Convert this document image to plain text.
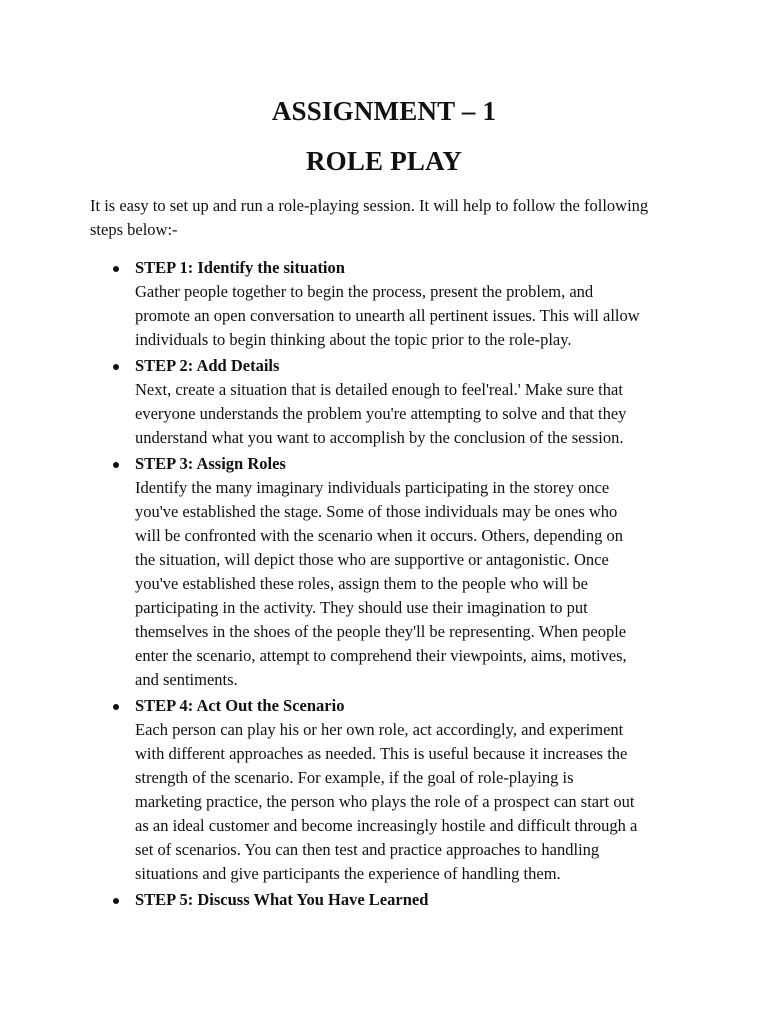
ASSIGNMENT – 1
ROLE PLAY

It is easy to set up and run a role-playing session. It will help to follow the following steps below:-

STEP 1: Identify the situation
Gather people together to begin the process, present the problem, and
promote an open conversation to unearth all pertinent issues. This will allow
individuals to begin thinking about the topic prior to the role-play.
STEP 2: Add Details
Next, create a situation that is detailed enough to feel'real.' Make sure that
everyone understands the problem you're attempting to solve and that they
understand what you want to accomplish by the conclusion of the session.
STEP 3: Assign Roles
Identify the many imaginary individuals participating in the storey once
you've established the stage. Some of those individuals may be ones who
will be confronted with the scenario when it occurs. Others, depending on
the situation, will depict those who are supportive or antagonistic. Once
you've established these roles, assign them to the people who will be
participating in the activity. They should use their imagination to put
themselves in the shoes of the people they'll be representing. When people
enter the scenario, attempt to comprehend their viewpoints, aims, motives,
and sentiments.
STEP 4: Act Out the Scenario
Each person can play his or her own role, act accordingly, and experiment
with different approaches as needed. This is useful because it increases the
strength of the scenario. For example, if the goal of role-playing is
marketing practice, the person who plays the role of a prospect can start out
as an ideal customer and become increasingly hostile and difficult through a
set of scenarios. You can then test and practice approaches to handling
situations and give participants the experience of handling them.
STEP 5: Discuss What You Have Learned
